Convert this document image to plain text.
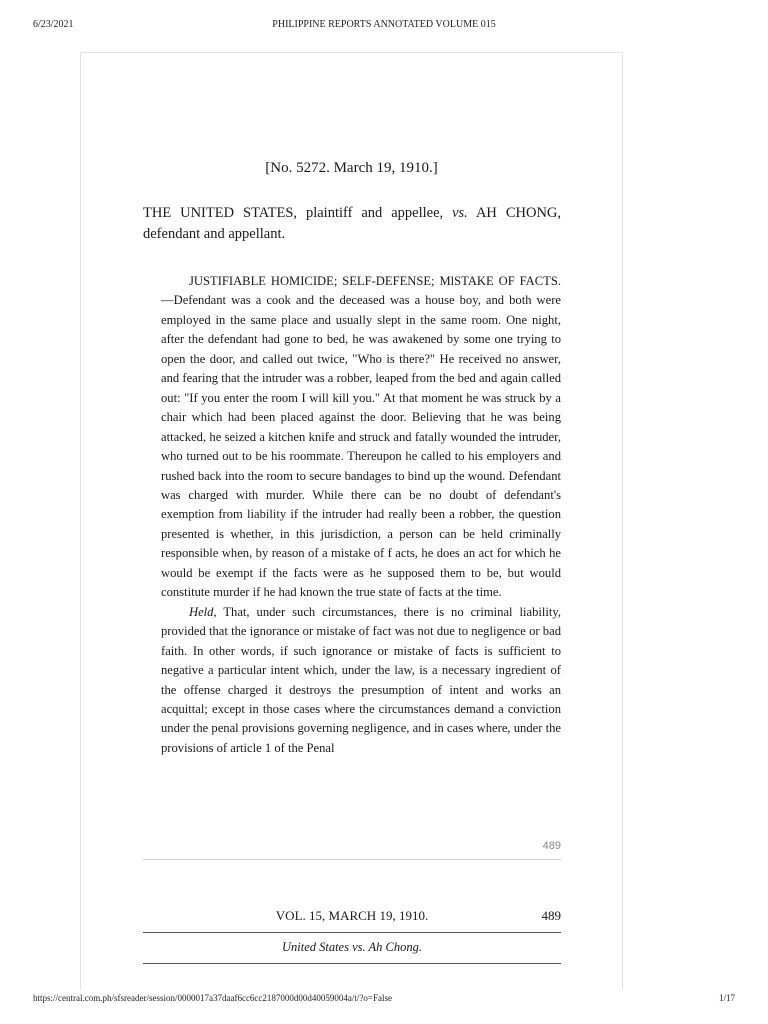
6/23/2021	PHILIPPINE REPORTS ANNOTATED VOLUME 015
[No. 5272. March 19, 1910.]
THE UNITED STATES, plaintiff and appellee, vs. AH CHONG, defendant and appellant.

JUSTIFIABLE HOMICIDE; SELF-DEFENSE; MlSTAKE OF FACTS.—Defendant was a cook and the deceased was a house boy, and both were employed in the same place and usually slept in the same room. One night, after the defendant had gone to bed, he was awakened by some one trying to open the door, and called out twice, "Who is there?" He received no answer, and fearing that the intruder was a robber, leaped from the bed and again called out: "If you enter the room I will kill you." At that moment he was struck by a chair which had been placed against the door. Believing that he was being attacked, he seized a kitchen knife and struck and fatally wounded the intruder, who turned out to be his roommate. Thereupon he called to his employers and rushed back into the room to secure bandages to bind up the wound. Defendant was charged with murder. While there can be no doubt of defendant's exemption from liability if the intruder had really been a robber, the question presented is whether, in this jurisdiction, a person can be held criminally responsible when, by reason of a mistake of f acts, he does an act for which he would be exempt if the facts were as he supposed them to be, but would constitute murder if he had known the true state of facts at the time.

Held, That, under such circumstances, there is no criminal liability, provided that the ignorance or mistake of fact was not due to negligence or bad faith. In other words, if such ignorance or mistake of facts is sufficient to negative a particular intent which, under the law, is a necessary ingredient of the offense charged it destroys the presumption of intent and works an acquittal; except in those cases where the circumstances demand a conviction under the penal provisions governing negligence, and in cases where, under the provisions of article 1 of the Penal

489
VOL. 15, MARCH 19, 1910.	489
United States vs. Ah Chong.
https://central.com.ph/sfsreader/session/0000017a37daaf6cc6cc2187000d00d40059004a/t/?o=False	1/17
